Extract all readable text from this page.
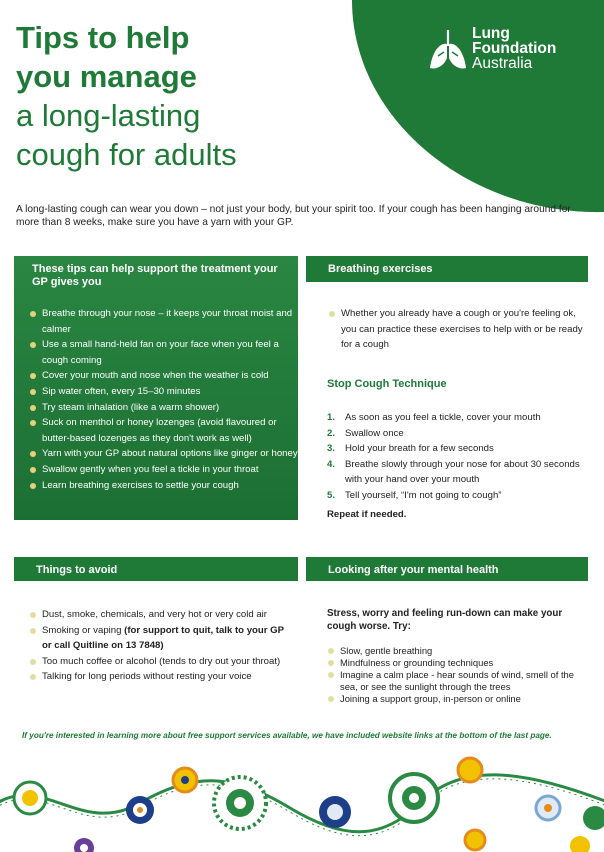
Lung
Foundation
Australia
Tips to help
you manage
a long-lasting
cough for adults

A long-lasting cough can wear you down – not just your body, but your spirit too. If your cough has been hanging around for more than 8 weeks, make sure you have a yarn with your GP.

These tips can help support the treatment your GP gives you
Breathe through your nose – it keeps your throat moist and calmer
Use a small hand-held fan on your face when you feel a cough coming
Cover your mouth and nose when the weather is cold
Sip water often, every 15–30 minutes
Try steam inhalation (like a warm shower)
Suck on menthol or honey lozenges (avoid flavoured or butter-based lozenges as they don't work as well)
Yarn with your GP about natural options like ginger or honey
Swallow gently when you feel a tickle in your throat
Learn breathing exercises to settle your cough
Breathing exercises
Whether you already have a cough or you're feeling ok, you can practice these exercises to help with or be ready for a cough
Stop Cough Technique
1. As soon as you feel a tickle, cover your mouth
2. Swallow once
3. Hold your breath for a few seconds
4. Breathe slowly through your nose for about 30 seconds with your hand over your mouth
5. Tell yourself, “I'm not going to cough”
Repeat if needed.
Things to avoid
Dust, smoke, chemicals, and very hot or very cold air
Smoking or vaping (for support to quit, talk to your GP or call Quitline on 13 7848)
Too much coffee or alcohol (tends to dry out your throat)
Talking for long periods without resting your voice
Looking after your mental health
Stress, worry and feeling run-down can make your cough worse. Try:
Slow, gentle breathing
Mindfulness or grounding techniques
Imagine a calm place - hear sounds of wind, smell of the sea, or see the sunlight through the trees
Joining a support group, in-person or online
If you're interested in learning more about free support services available, we have included website links at the bottom of the last page.
